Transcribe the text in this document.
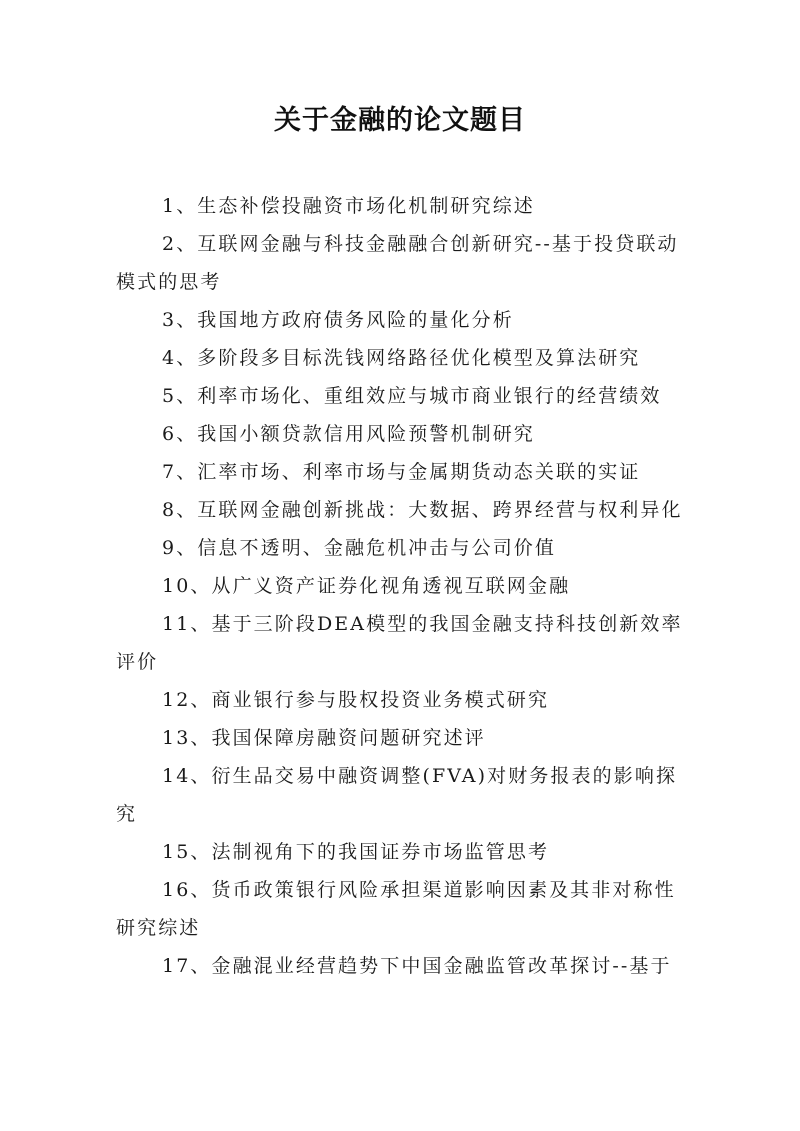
关于金融的论文题目
1、生态补偿投融资市场化机制研究综述
2、互联网金融与科技金融融合创新研究--基于投贷联动模式的思考
3、我国地方政府债务风险的量化分析
4、多阶段多目标洗钱网络路径优化模型及算法研究
5、利率市场化、重组效应与城市商业银行的经营绩效
6、我国小额贷款信用风险预警机制研究
7、汇率市场、利率市场与金属期货动态关联的实证
8、互联网金融创新挑战：大数据、跨界经营与权利异化
9、信息不透明、金融危机冲击与公司价值
10、从广义资产证券化视角透视互联网金融
11、基于三阶段DEA模型的我国金融支持科技创新效率评价
12、商业银行参与股权投资业务模式研究
13、我国保障房融资问题研究述评
14、衍生品交易中融资调整(FVA)对财务报表的影响探究
15、法制视角下的我国证券市场监管思考
16、货币政策银行风险承担渠道影响因素及其非对称性研究综述
17、金融混业经营趋势下中国金融监管改革探讨--基于
